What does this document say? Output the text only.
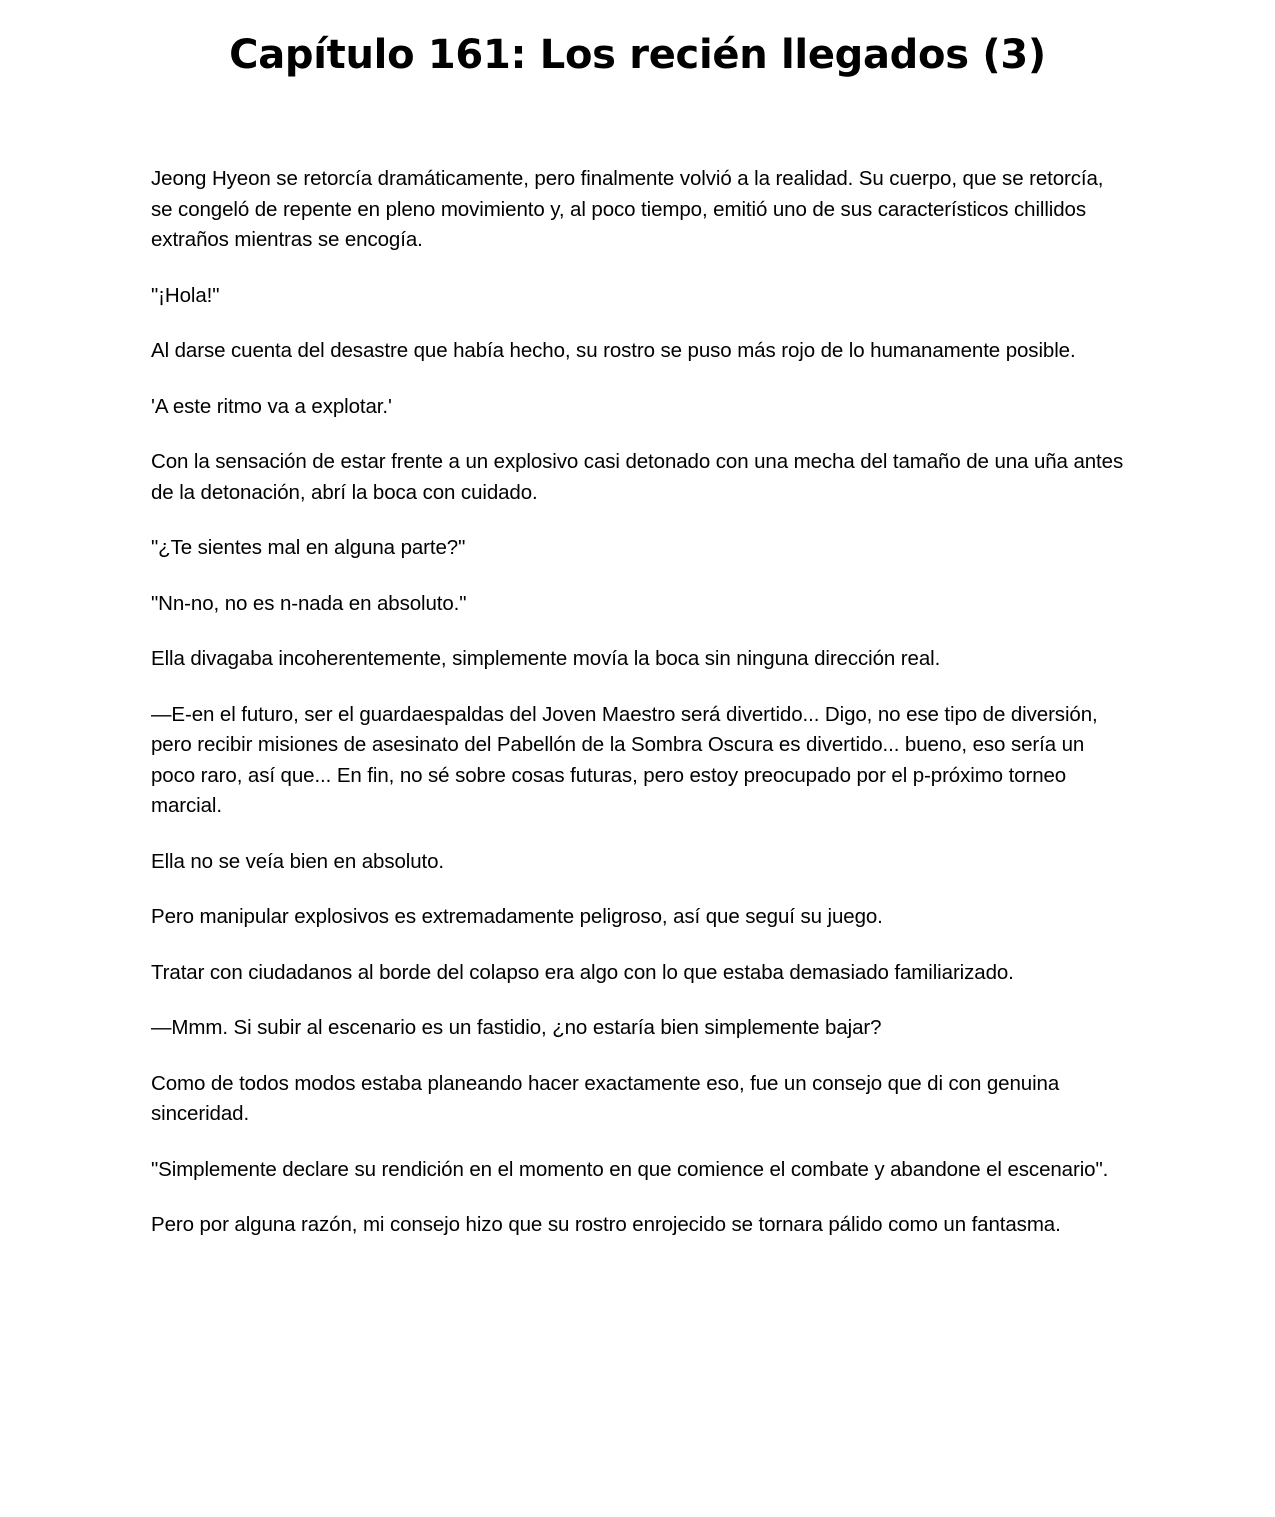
Capítulo 161: Los recién llegados (3)

Jeong Hyeon se retorcía dramáticamente, pero finalmente volvió a la realidad. Su cuerpo, que se retorcía, se congeló de repente en pleno movimiento y, al poco tiempo, emitió uno de sus característicos chillidos extraños mientras se encogía.

"¡Hola!"

Al darse cuenta del desastre que había hecho, su rostro se puso más rojo de lo humanamente posible.

'A este ritmo va a explotar.'

Con la sensación de estar frente a un explosivo casi detonado con una mecha del tamaño de una uña antes de la detonación, abrí la boca con cuidado.

"¿Te sientes mal en alguna parte?"

"Nn-no, no es n-nada en absoluto."

Ella divagaba incoherentemente, simplemente movía la boca sin ninguna dirección real.

—E-en el futuro, ser el guardaespaldas del Joven Maestro será divertido... Digo, no ese tipo de diversión, pero recibir misiones de asesinato del Pabellón de la Sombra Oscura es divertido... bueno, eso sería un poco raro, así que... En fin, no sé sobre cosas futuras, pero estoy preocupado por el p-próximo torneo marcial.

Ella no se veía bien en absoluto.

Pero manipular explosivos es extremadamente peligroso, así que seguí su juego.

Tratar con ciudadanos al borde del colapso era algo con lo que estaba demasiado familiarizado.

—Mmm. Si subir al escenario es un fastidio, ¿no estaría bien simplemente bajar?

Como de todos modos estaba planeando hacer exactamente eso, fue un consejo que di con genuina sinceridad.

"Simplemente declare su rendición en el momento en que comience el combate y abandone el escenario".

Pero por alguna razón, mi consejo hizo que su rostro enrojecido se tornara pálido como un fantasma.
